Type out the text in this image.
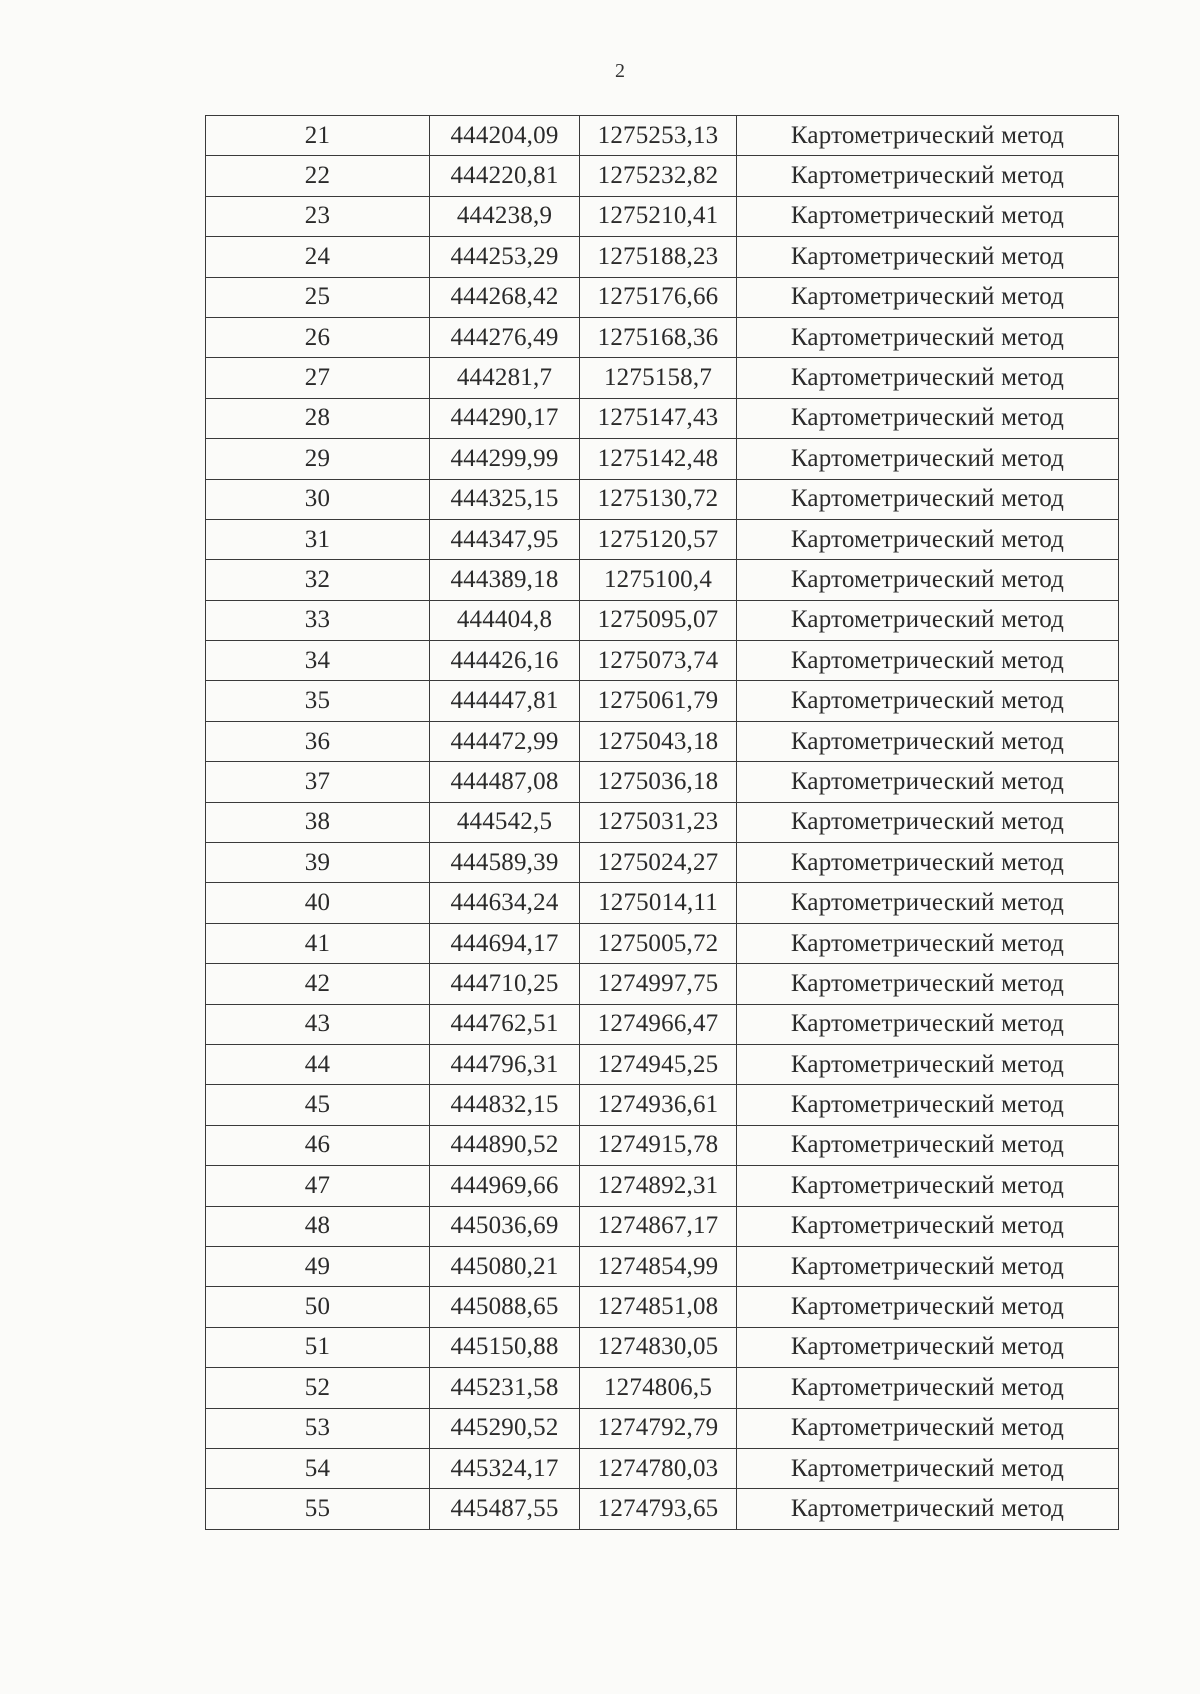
2
21	444204,09	1275253,13	Картометрический метод
22	444220,81	1275232,82	Картометрический метод
23	444238,9	1275210,41	Картометрический метод
24	444253,29	1275188,23	Картометрический метод
25	444268,42	1275176,66	Картометрический метод
26	444276,49	1275168,36	Картометрический метод
27	444281,7	1275158,7	Картометрический метод
28	444290,17	1275147,43	Картометрический метод
29	444299,99	1275142,48	Картометрический метод
30	444325,15	1275130,72	Картометрический метод
31	444347,95	1275120,57	Картометрический метод
32	444389,18	1275100,4	Картометрический метод
33	444404,8	1275095,07	Картометрический метод
34	444426,16	1275073,74	Картометрический метод
35	444447,81	1275061,79	Картометрический метод
36	444472,99	1275043,18	Картометрический метод
37	444487,08	1275036,18	Картометрический метод
38	444542,5	1275031,23	Картометрический метод
39	444589,39	1275024,27	Картометрический метод
40	444634,24	1275014,11	Картометрический метод
41	444694,17	1275005,72	Картометрический метод
42	444710,25	1274997,75	Картометрический метод
43	444762,51	1274966,47	Картометрический метод
44	444796,31	1274945,25	Картометрический метод
45	444832,15	1274936,61	Картометрический метод
46	444890,52	1274915,78	Картометрический метод
47	444969,66	1274892,31	Картометрический метод
48	445036,69	1274867,17	Картометрический метод
49	445080,21	1274854,99	Картометрический метод
50	445088,65	1274851,08	Картометрический метод
51	445150,88	1274830,05	Картометрический метод
52	445231,58	1274806,5	Картометрический метод
53	445290,52	1274792,79	Картометрический метод
54	445324,17	1274780,03	Картометрический метод
55	445487,55	1274793,65	Картометрический метод
